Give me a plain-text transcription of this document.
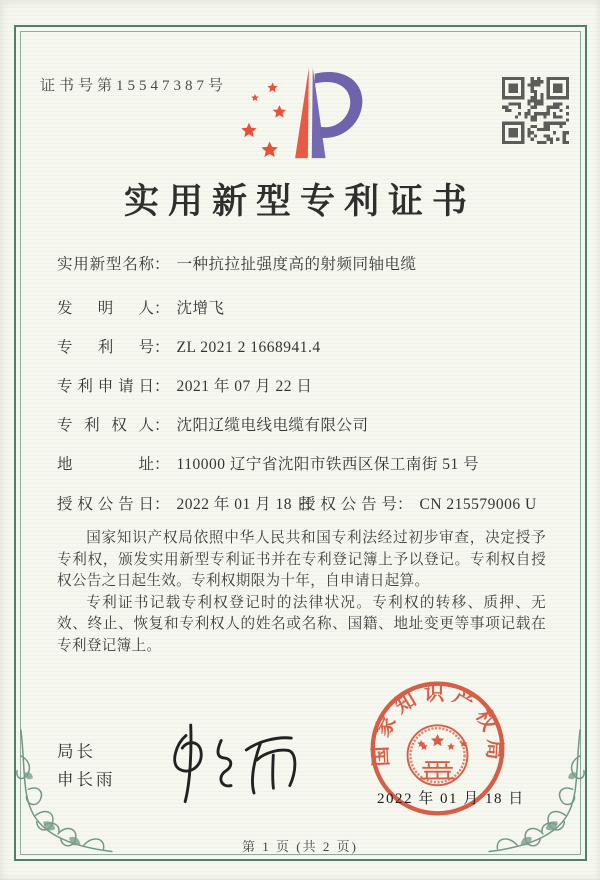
证书号第15547387号
实用新型专利证书
实用新型名称： 一种抗拉扯强度高的射频同轴电缆
发明人： 沈增飞
专利号： ZL 2021 2 1668941.4
专利申请日： 2021 年 07 月 22 日
专利权人： 沈阳辽缆电线电缆有限公司
地址： 110000 辽宁省沈阳市铁西区保工南街 51 号
授权公告日： 2022 年 01 月 18 日
授权公告号： CN 215579006 U

国家知识产权局依照中华人民共和国专利法经过初步审查，决定授予专利权，颁发实用新型专利证书并在专利登记簿上予以登记。专利权自授权公告之日起生效。专利权期限为十年，自申请日起算。

专利证书记载专利权登记时的法律状况。专利权的转移、质押、无效、终止、恢复和专利权人的姓名或名称、国籍、地址变更等事项记载在专利登记簿上。

局长
申长雨
国家知识产权局
2022 年 01 月 18 日
第 1 页 (共 2 页)
